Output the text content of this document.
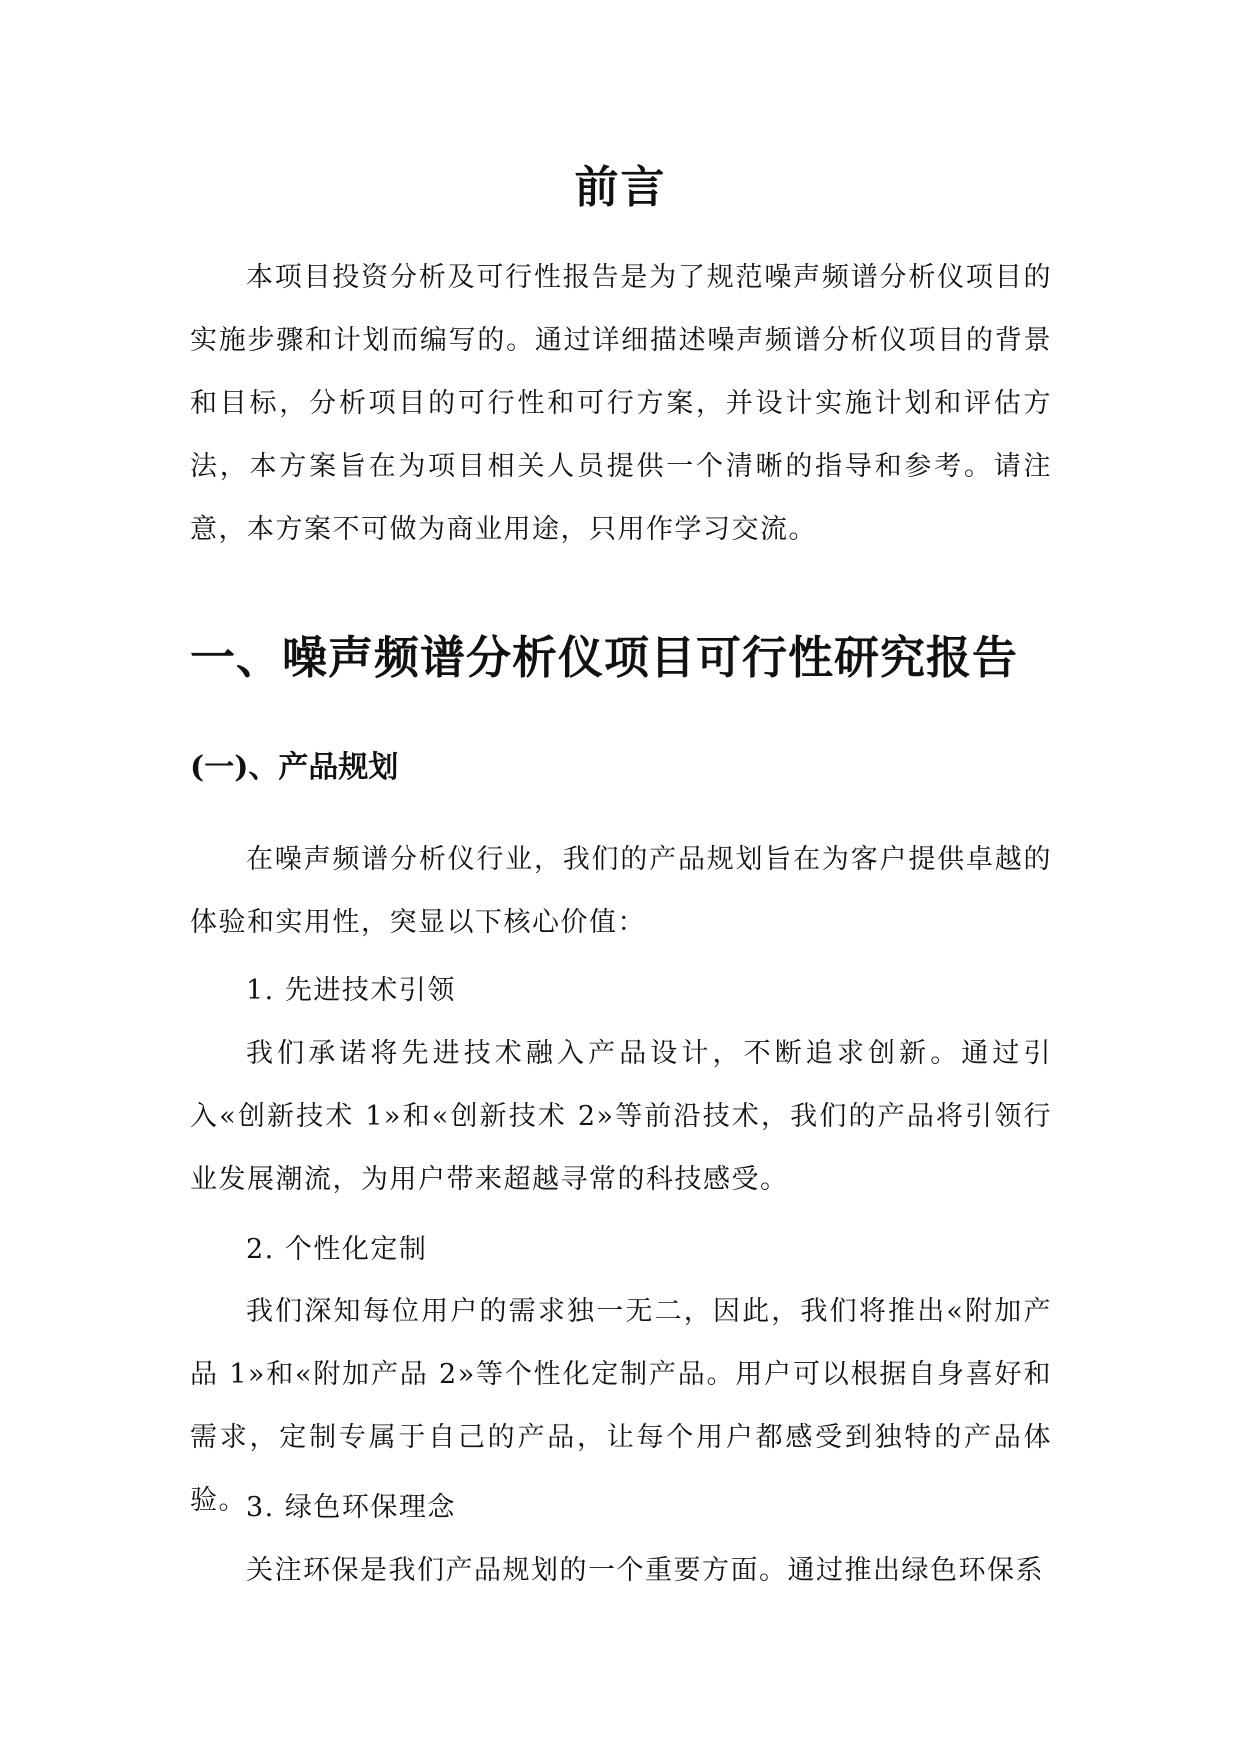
前言
本项目投资分析及可行性报告是为了规范噪声频谱分析仪项目的实施步骤和计划而编写的。通过详细描述噪声频谱分析仪项目的背景和目标，分析项目的可行性和可行方案，并设计实施计划和评估方法，本方案旨在为项目相关人员提供一个清晰的指导和参考。请注意，本方案不可做为商业用途，只用作学习交流。
一、噪声频谱分析仪项目可行性研究报告
(一)、产品规划
在噪声频谱分析仪行业，我们的产品规划旨在为客户提供卓越的体验和实用性，突显以下核心价值：
1. 先进技术引领
我们承诺将先进技术融入产品设计，不断追求创新。通过引入«创新技术 1»和«创新技术 2»等前沿技术，我们的产品将引领行业发展潮流，为用户带来超越寻常的科技感受。
2. 个性化定制
我们深知每位用户的需求独一无二，因此，我们将推出«附加产品 1»和«附加产品 2»等个性化定制产品。用户可以根据自身喜好和需求，定制专属于自己的产品，让每个用户都感受到独特的产品体验。 3. 绿色环保理念
关注环保是我们产品规划的一个重要方面。通过推出绿色环保系
